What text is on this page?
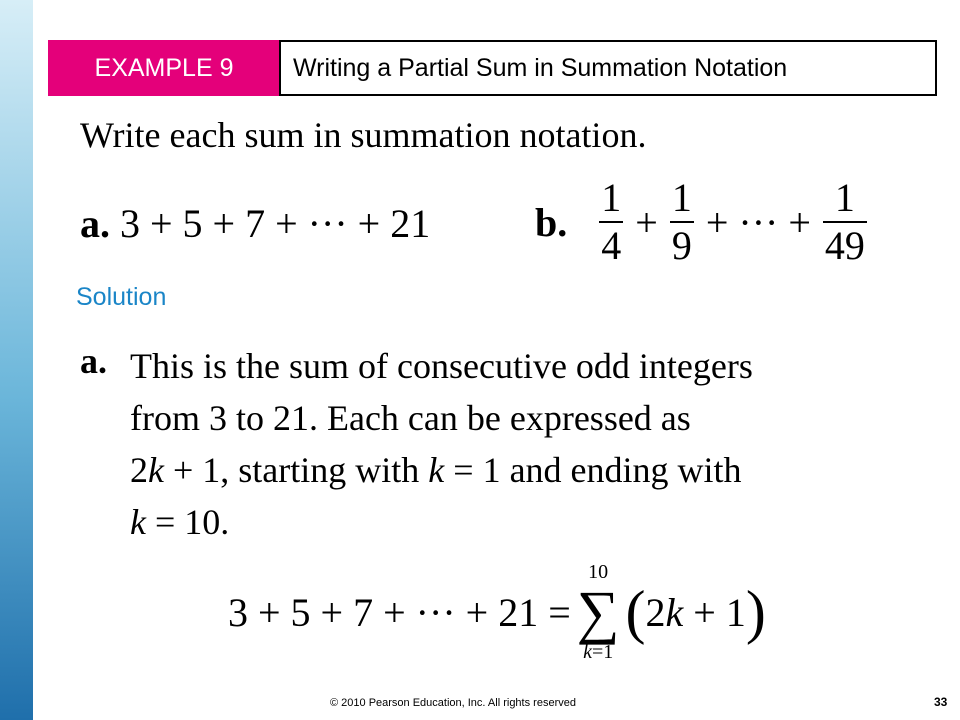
EXAMPLE 9	Writing a Partial Sum in Summation Notation
Write each sum in summation notation.
a. 3 + 5 + 7 + ··· + 21	b. $\frac{1}{4} + \frac{1}{9}$ + ··· + $\frac{1}{49}$
Solution
a. This is the sum of consecutive odd integers
from 3 to 21. Each can be expressed as
2k + 1, starting with k = 1 and ending with
k = 10.
3 + 5 + 7 + ··· + 21 =
10
∑
k=1
( 2k + 1 )
© 2010 Pearson Education, Inc. All rights reserved	33
